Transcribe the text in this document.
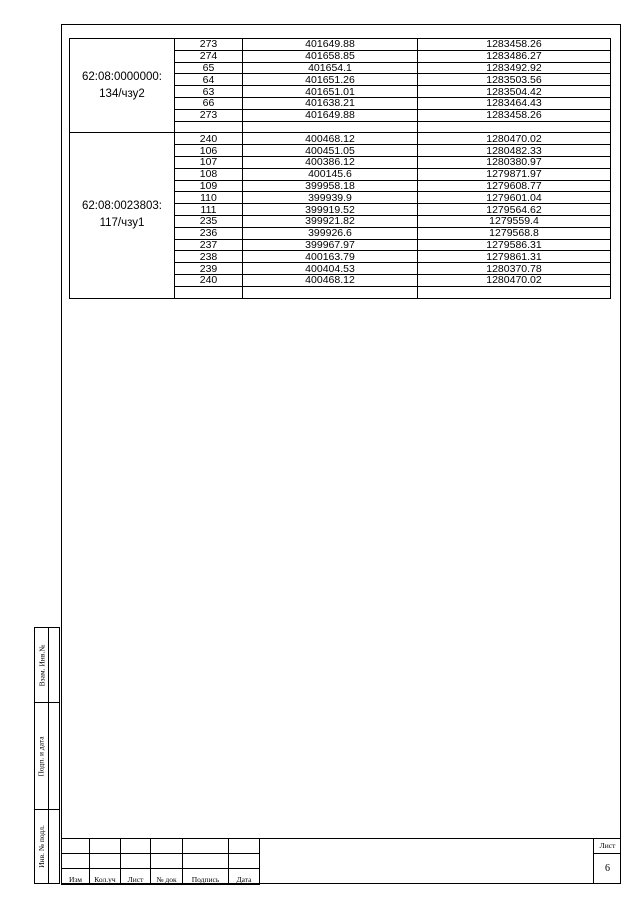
62:08:0000000:
134/чзу2	273	401649.88	1283458.26
	274	401658.85	1283486.27
	65	401654.1	1283492.92
	64	401651.26	1283503.56
	63	401651.01	1283504.42
	66	401638.21	1283464.43
	273	401649.88	1283458.26

62:08:0023803:
117/чзу1	240	400468.12	1280470.02
	106	400451.05	1280482.33
	107	400386.12	1280380.97
	108	400145.6	1279871.97
	109	399958.18	1279608.77
	110	399939.9	1279601.04
	111	399919.52	1279564.62
	235	399921.82	1279559.4
	236	399926.6	1279568.8
	237	399967.97	1279586.31
	238	400163.79	1279861.31
	239	400404.53	1280370.78
	240	400468.12	1280470.02

Взам. Инв.№
Подп. и дата
Инв. № подл.

Изм	Кол.уч	Лист	№ док	Подпись	Дата
Лист
6
